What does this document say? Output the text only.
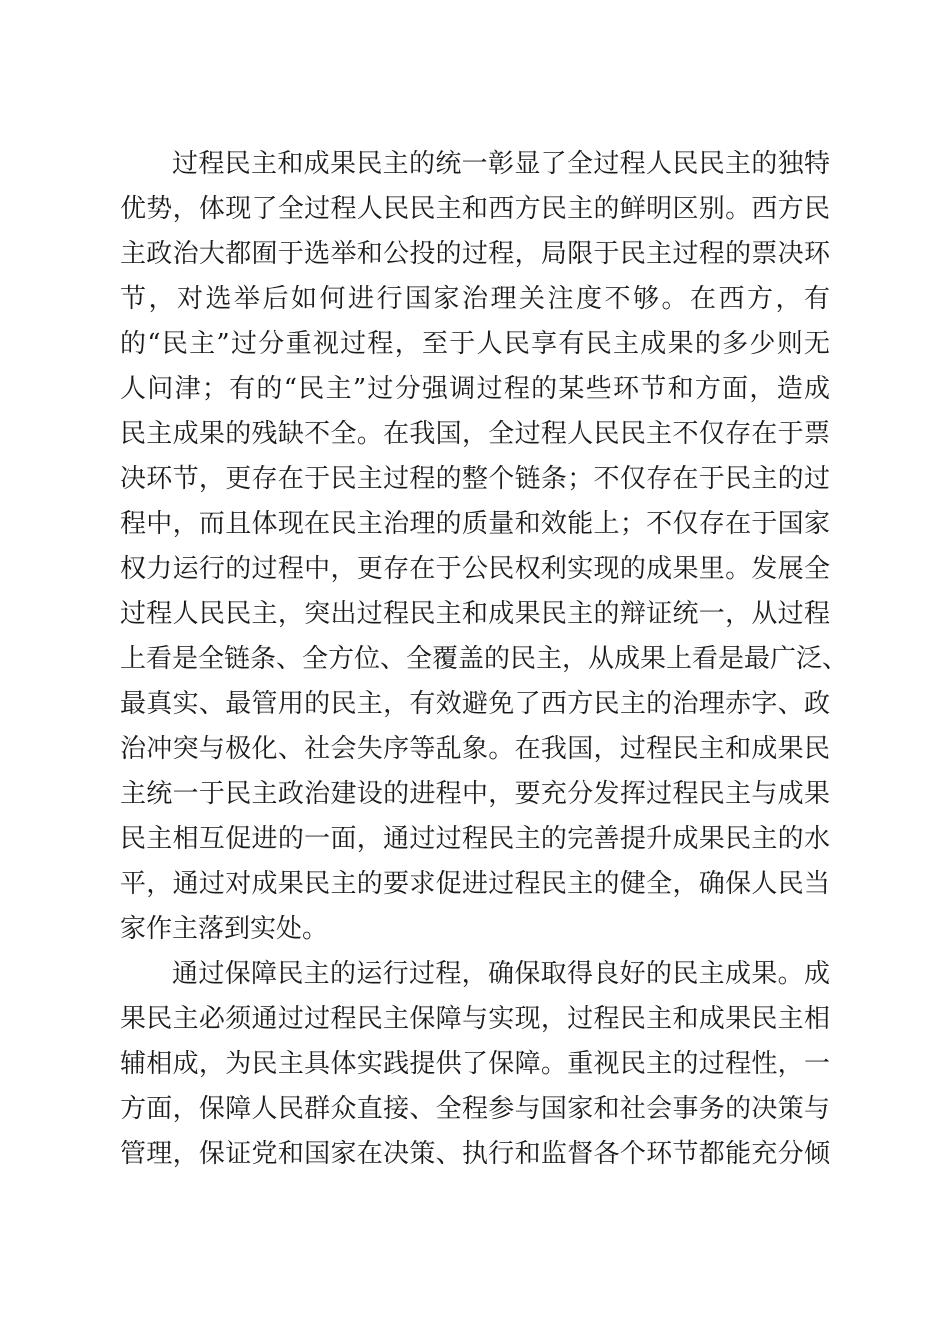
过程民主和成果民主的统一彰显了全过程人民民主的独特
优势，体现了全过程人民民主和西方民主的鲜明区别。西方民
主政治大都囿于选举和公投的过程，局限于民主过程的票决环
节，对选举后如何进行国家治理关注度不够。在西方，有
的“民主”过分重视过程，至于人民享有民主成果的多少则无
人问津；有的“民主”过分强调过程的某些环节和方面，造成
民主成果的残缺不全。在我国，全过程人民民主不仅存在于票
决环节，更存在于民主过程的整个链条；不仅存在于民主的过
程中，而且体现在民主治理的质量和效能上；不仅存在于国家
权力运行的过程中，更存在于公民权利实现的成果里。发展全
过程人民民主，突出过程民主和成果民主的辩证统一，从过程
上看是全链条、全方位、全覆盖的民主，从成果上看是最广泛、
最真实、最管用的民主，有效避免了西方民主的治理赤字、政
治冲突与极化、社会失序等乱象。在我国，过程民主和成果民
主统一于民主政治建设的进程中，要充分发挥过程民主与成果
民主相互促进的一面，通过过程民主的完善提升成果民主的水
平，通过对成果民主的要求促进过程民主的健全，确保人民当
家作主落到实处。
通过保障民主的运行过程，确保取得良好的民主成果。成
果民主必须通过过程民主保障与实现，过程民主和成果民主相
辅相成，为民主具体实践提供了保障。重视民主的过程性，一
方面，保障人民群众直接、全程参与国家和社会事务的决策与
管理，保证党和国家在决策、执行和监督各个环节都能充分倾
